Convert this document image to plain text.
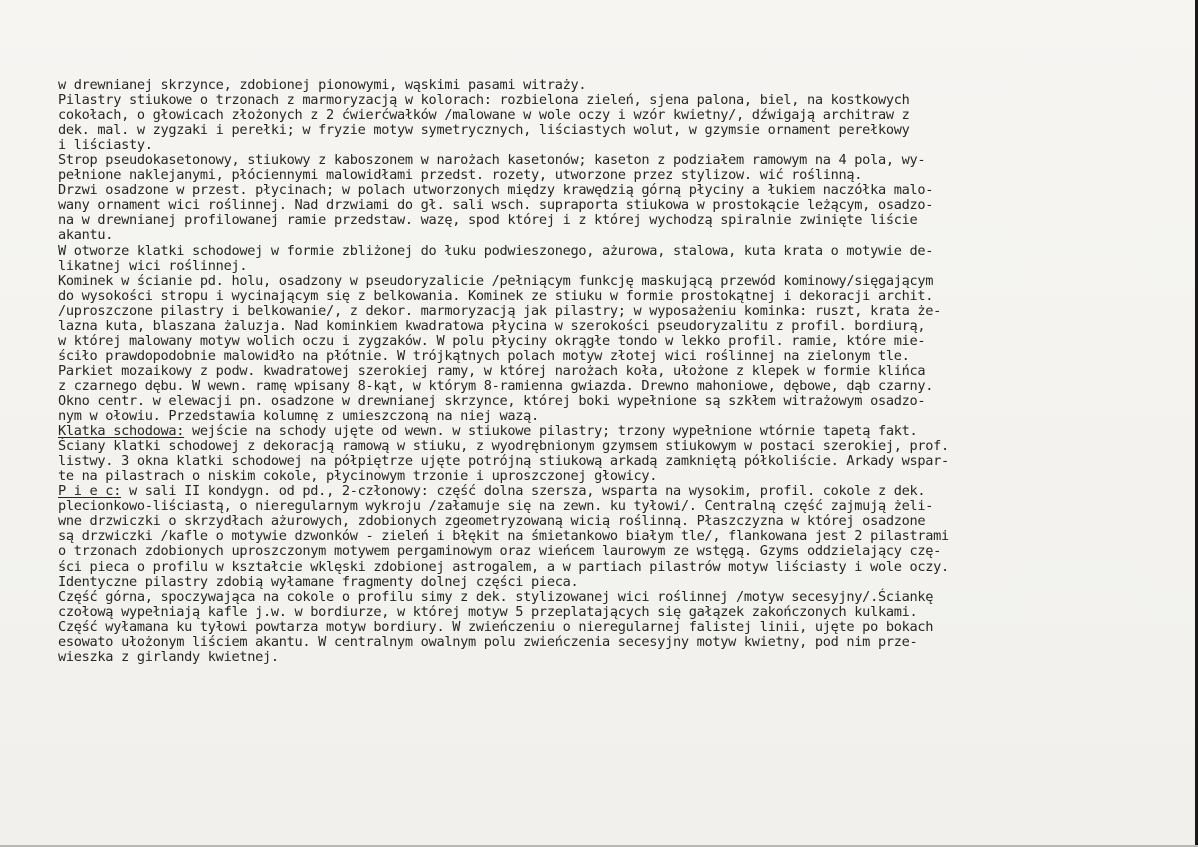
w drewnianej skrzynce, zdobionej pionowymi, wąskimi pasami witraży.
Pilastry stiukowe o trzonach z marmoryzacją w kolorach: rozbielona zieleń, sjena palona, biel, na kostkowych
cokołach, o głowicach złożonych z 2 ćwierćwałków /malowane w wole oczy i wzór kwietny/, dźwigają architraw z
dek. mal. w zygzaki i perełki; w fryzie motyw symetrycznych, liściastych wolut, w gzymsie ornament perełkowy
i liściasty.
Strop pseudokasetonowy, stiukowy z kaboszonem w narożach kasetonów; kaseton z podziałem ramowym na 4 pola, wy-
pełnione naklejanymi, płóciennymi malowidłami przedst. rozety, utworzone przez stylizow. wić roślinną.
Drzwi osadzone w przest. płycinach; w polach utworzonych między krawędzią górną płyciny a łukiem naczółka malo-
wany ornament wici roślinnej. Nad drzwiami do gł. sali wsch. supraporta stiukowa w prostokącie leżącym, osadzo-
na w drewnianej profilowanej ramie przedstaw. wazę, spod której i z której wychodzą spiralnie zwinięte liście
akantu.
W otworze klatki schodowej w formie zbliżonej do łuku podwieszonego, ażurowa, stalowa, kuta krata o motywie de-
likatnej wici roślinnej.
Kominek w ścianie pd. holu, osadzony w pseudoryzalicie /pełniącym funkcję maskującą przewód kominowy/sięgającym
do wysokości stropu i wycinającym się z belkowania. Kominek ze stiuku w formie prostokątnej i dekoracji archit.
/uproszczone pilastry i belkowanie/, z dekor. marmoryzacją jak pilastry; w wyposażeniu kominka: ruszt, krata że-
lazna kuta, blaszana żaluzja. Nad kominkiem kwadratowa płycina w szerokości pseudoryzalitu z profil. bordiurą,
w której malowany motyw wolich oczu i zygzaków. W polu płyciny okrągłe tondo w lekko profil. ramie, które mie-
ściło prawdopodobnie malowidło na płótnie. W trójkątnych polach motyw złotej wici roślinnej na zielonym tle.
Parkiet mozaikowy z podw. kwadratowej szerokiej ramy, w której narożach koła, ułożone z klepek w formie klińca
z czarnego dębu. W wewn. ramę wpisany 8-kąt, w którym 8-ramienna gwiazda. Drewno mahoniowe, dębowe, dąb czarny.
Okno centr. w elewacji pn. osadzone w drewnianej skrzynce, której boki wypełnione są szkłem witrażowym osadzo-
nym w ołowiu. Przedstawia kolumnę z umieszczoną na niej wazą.
Klatka schodowa: wejście na schody ujęte od wewn. w stiukowe pilastry; trzony wypełnione wtórnie tapetą fakt.
Ściany klatki schodowej z dekoracją ramową w stiuku, z wyodrębnionym gzymsem stiukowym w postaci szerokiej, prof.
listwy. 3 okna klatki schodowej na półpiętrze ujęte potrójną stiukową arkadą zamkniętą półkoliście. Arkady wspar-
te na pilastrach o niskim cokole, płycinowym trzonie i uproszczonej głowicy.
P i e c: w sali II kondygn. od pd., 2-członowy: część dolna szersza, wsparta na wysokim, profil. cokole z dek.
plecionkowo-liściastą, o nieregularnym wykroju /załamuje się na zewn. ku tyłowi/. Centralną część zajmują żeli-
wne drzwiczki o skrzydłach ażurowych, zdobionych zgeometryzowaną wicią roślinną. Płaszczyzna w której osadzone
są drzwiczki /kafle o motywie dzwonków - zieleń i błękit na śmietankowo białym tle/, flankowana jest 2 pilastrami
o trzonach zdobionych uproszczonym motywem pergaminowym oraz wieńcem laurowym ze wstęgą. Gzyms oddzielający czę-
ści pieca o profilu w kształcie wklęski zdobionej astrogalem, a w partiach pilastrów motyw liściasty i wole oczy.
Identyczne pilastry zdobią wyłamane fragmenty dolnej części pieca.
Część górna, spoczywająca na cokole o profilu simy z dek. stylizowanej wici roślinnej /motyw secesyjny/.Ściankę
czołową wypełniają kafle j.w. w bordiurze, w której motyw 5 przeplatających się gałązek zakończonych kulkami.
Część wyłamana ku tyłowi powtarza motyw bordiury. W zwieńczeniu o nieregularnej falistej linii, ujęte po bokach
esowato ułożonym liściem akantu. W centralnym owalnym polu zwieńczenia secesyjny motyw kwietny, pod nim prze-
wieszka z girlandy kwietnej.
